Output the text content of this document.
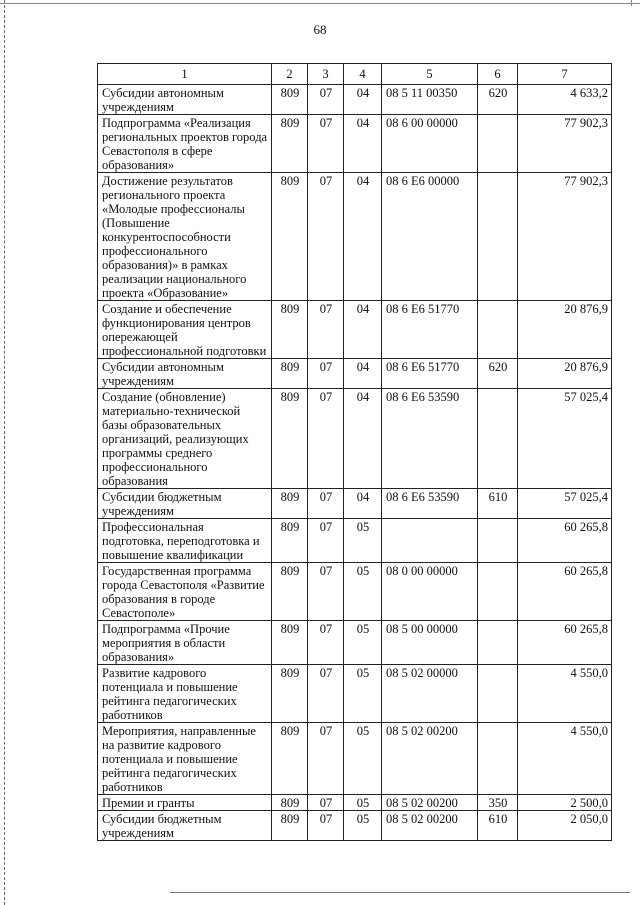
68
1	2	3	4	5	6	7
Субсидии автономным учреждениям	809	07	04	08 5 11 00350	620	4 633,2
Подпрограмма «Реализация региональных проектов города Севастополя в сфере образования»	809	07	04	08 6 00 00000		77 902,3
Достижение результатов регионального проекта «Молодые профессионалы (Повышение конкурентоспособности профессионального образования)» в рамках реализации национального проекта «Образование»	809	07	04	08 6 Е6 00000		77 902,3
Создание и обеспечение функционирования центров опережающей профессиональной подготовки	809	07	04	08 6 Е6 51770		20 876,9
Субсидии автономным учреждениям	809	07	04	08 6 Е6 51770	620	20 876,9
Создание (обновление) материально-технической базы образовательных организаций, реализующих программы среднего профессионального образования	809	07	04	08 6 Е6 53590		57 025,4
Субсидии бюджетным учреждениям	809	07	04	08 6 Е6 53590	610	57 025,4
Профессиональная подготовка, переподготовка и повышение квалификации	809	07	05			60 265,8
Государственная программа города Севастополя «Развитие образования в городе Севастополе»	809	07	05	08 0 00 00000		60 265,8
Подпрограмма «Прочие мероприятия в области образования»	809	07	05	08 5 00 00000		60 265,8
Развитие кадрового потенциала и повышение рейтинга педагогических работников	809	07	05	08 5 02 00000		4 550,0
Мероприятия, направленные на развитие кадрового потенциала и повышение рейтинга педагогических работников	809	07	05	08 5 02 00200		4 550,0
Премии и гранты	809	07	05	08 5 02 00200	350	2 500,0
Субсидии бюджетным учреждениям	809	07	05	08 5 02 00200	610	2 050,0
